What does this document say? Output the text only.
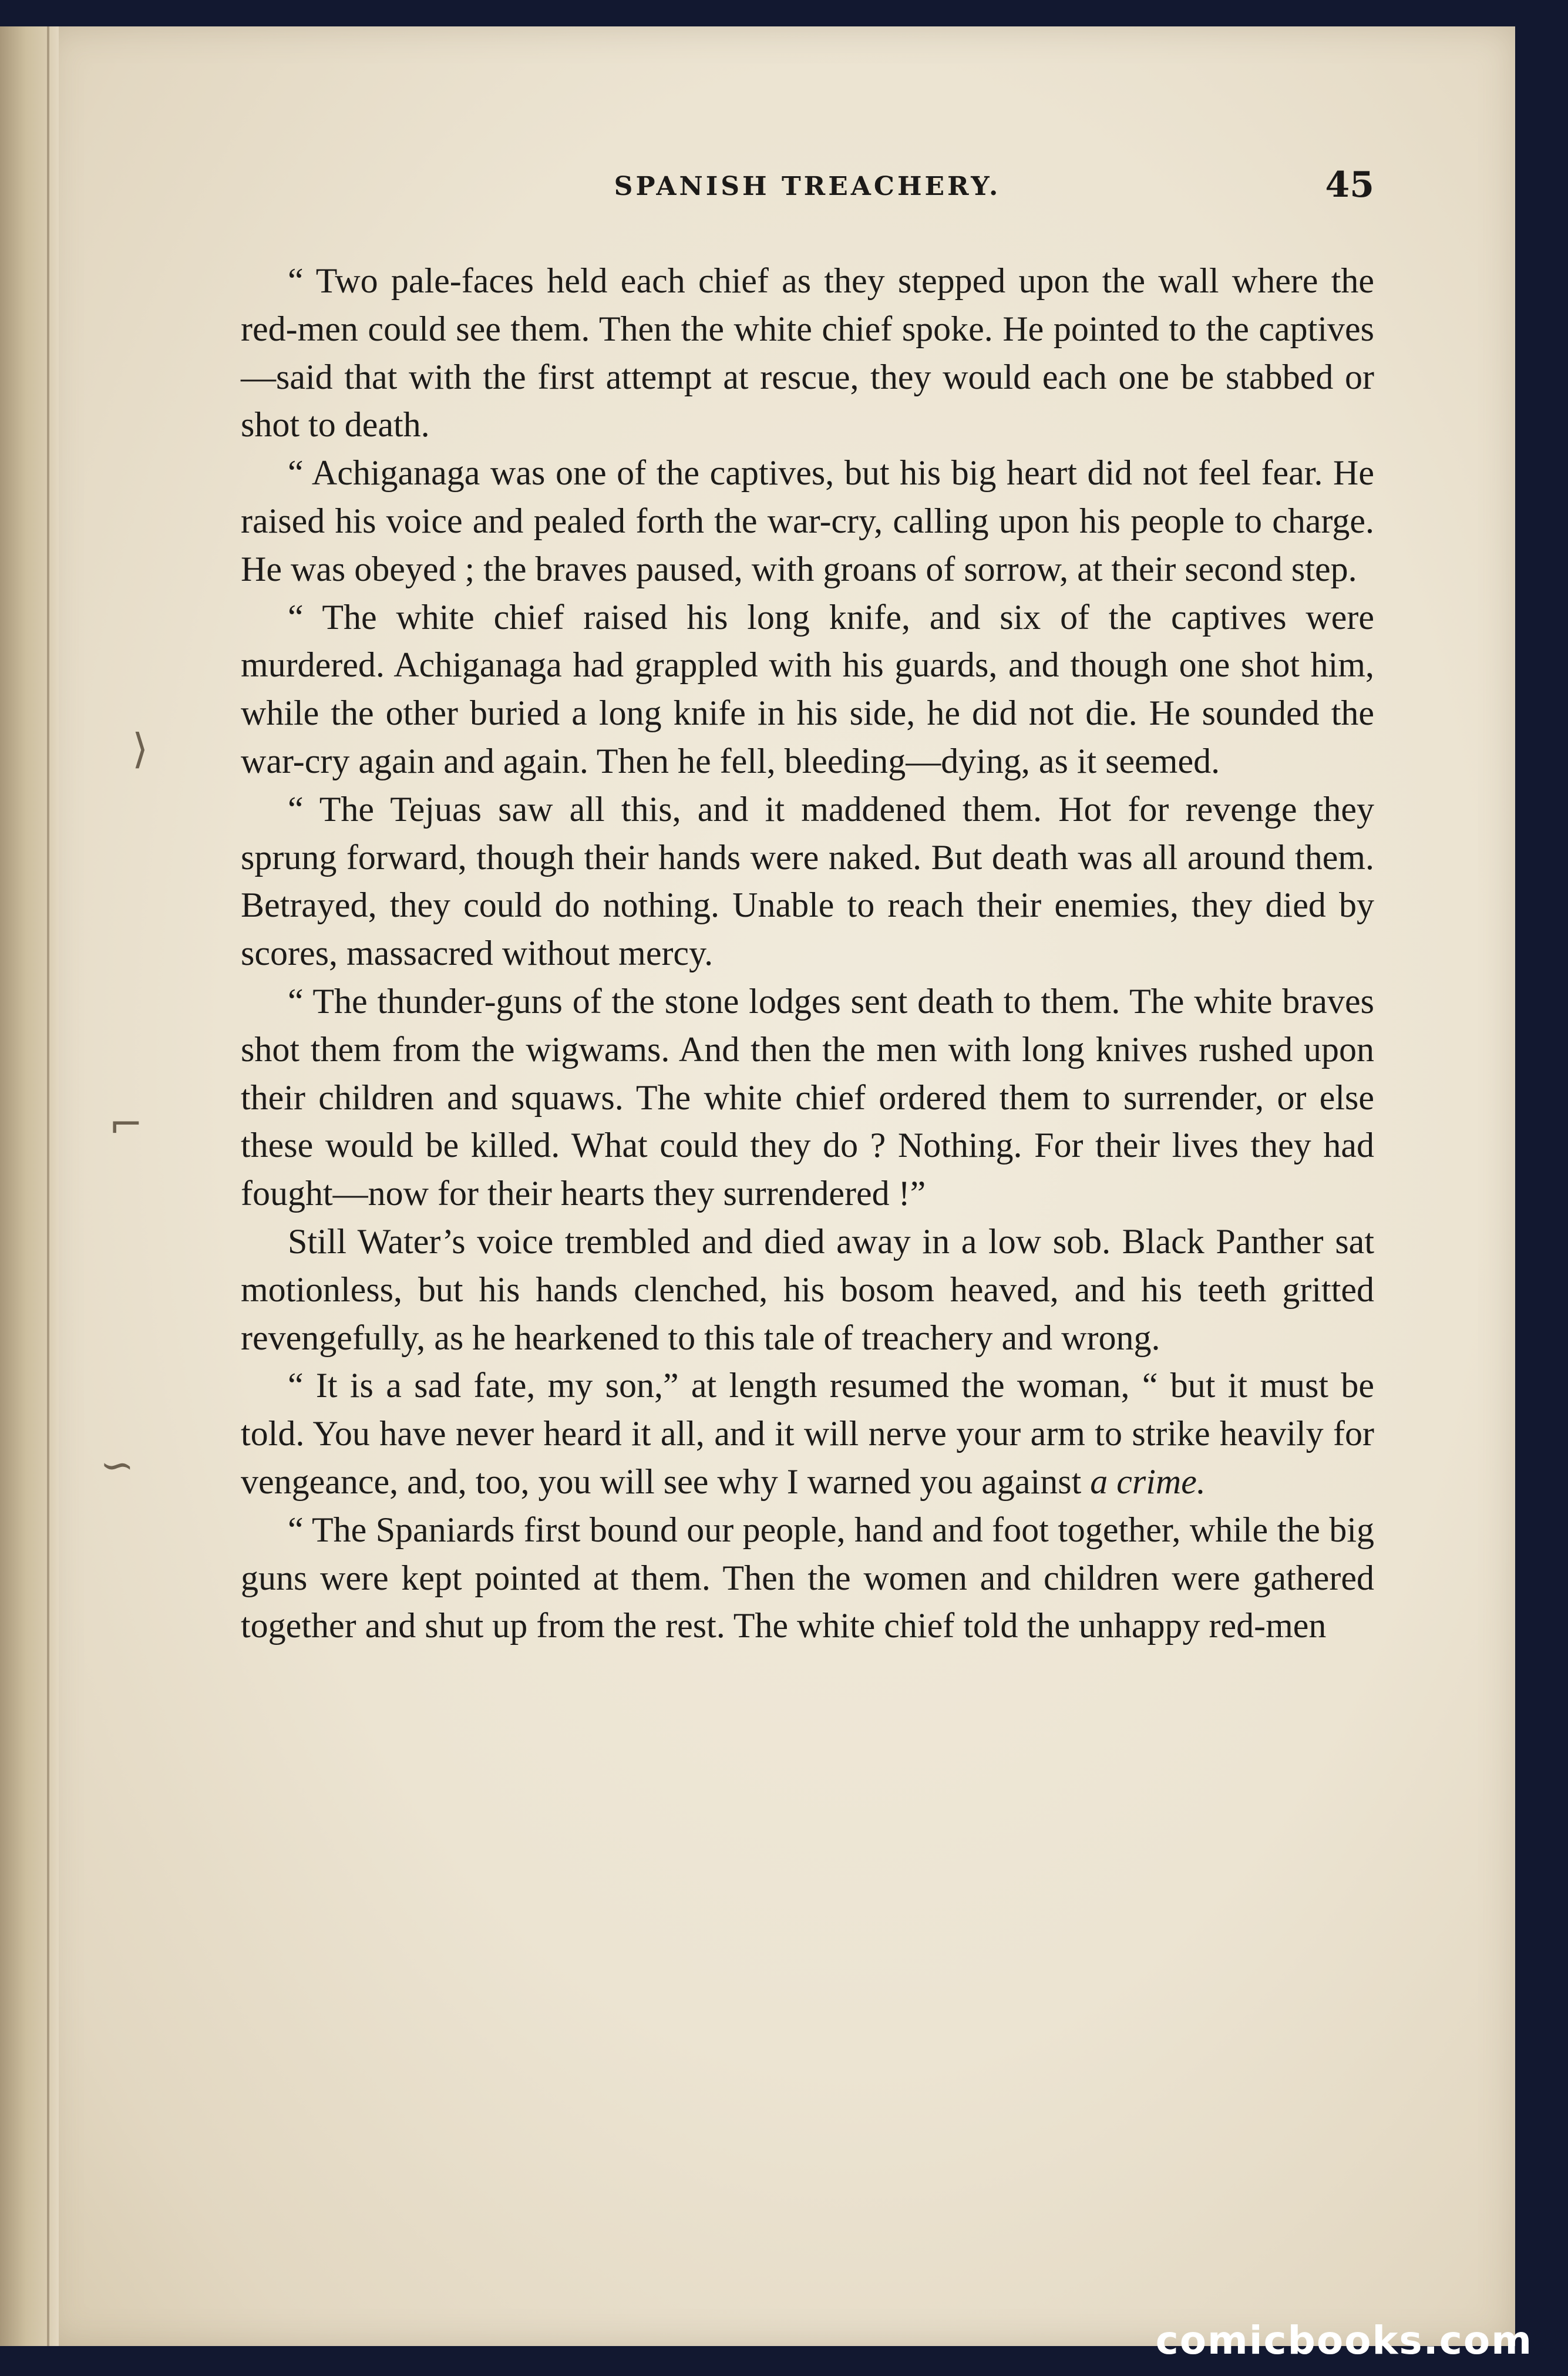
⟩
⌐
∽
SPANISH TREACHERY.	45

“ Two pale-faces held each chief as they stepped upon the wall where the red-men could see them. Then the white chief spoke. He pointed to the captives—said that with the first attempt at rescue, they would each one be stabbed or shot to death.

“ Achiganaga was one of the captives, but his big heart did not feel fear. He raised his voice and pealed forth the war-cry, calling upon his people to charge. He was obeyed ; the braves paused, with groans of sorrow, at their second step.

“ The white chief raised his long knife, and six of the captives were murdered. Achiganaga had grappled with his guards, and though one shot him, while the other buried a long knife in his side, he did not die. He sounded the war-cry again and again. Then he fell, bleeding—dying, as it seemed.

“ The Tejuas saw all this, and it maddened them. Hot for revenge they sprung forward, though their hands were naked. But death was all around them. Betrayed, they could do nothing. Unable to reach their enemies, they died by scores, massacred without mercy.

“ The thunder-guns of the stone lodges sent death to them. The white braves shot them from the wigwams. And then the men with long knives rushed upon their children and squaws. The white chief ordered them to surrender, or else these would be killed. What could they do ? Nothing. For their lives they had fought—now for their hearts they surrendered !”

Still Water’s voice trembled and died away in a low sob. Black Panther sat motionless, but his hands clenched, his bosom heaved, and his teeth gritted revengefully, as he hearkened to this tale of treachery and wrong.

“ It is a sad fate, my son,” at length resumed the woman, “ but it must be told. You have never heard it all, and it will nerve your arm to strike heavily for vengeance, and, too, you will see why I warned you against a crime.

“ The Spaniards first bound our people, hand and foot together, while the big guns were kept pointed at them. Then the women and children were gathered together and shut up from the rest. The white chief told the unhappy red-men

comicbooks.com
